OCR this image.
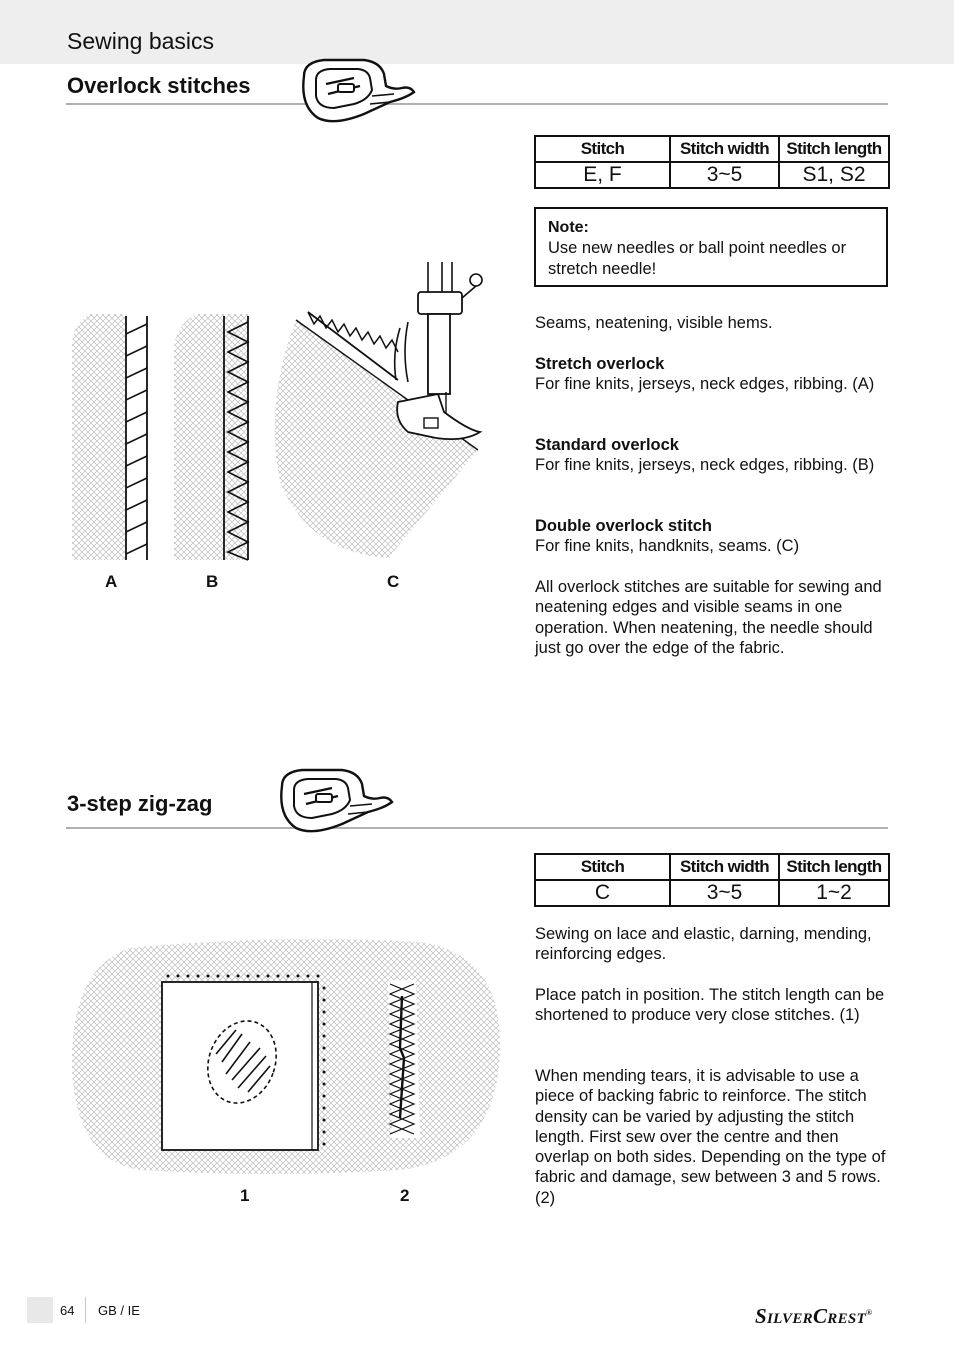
Sewing basics
Overlock stitches
Stitch	Stitch width	Stitch length
E, F	3~5	S1, S2
Note:
Use new needles or ball point needles or stretch needle!
Seams, neatening, visible hems.
Stretch overlock
For fine knits, jerseys, neck edges, ribbing. (A)
Standard overlock
For fine knits, jerseys, neck edges, ribbing. (B)
Double overlock stitch
For fine knits, handknits, seams. (C)
All overlock stitches are suitable for sewing and neatening edges and visible seams in one operation. When neatening, the needle should just go over the edge of the fabric.
A	B	C
3-step zig-zag
Stitch	Stitch width	Stitch length
C	3~5	1~2
Sewing on lace and elastic, darning, mending, reinforcing edges.
Place patch in position. The stitch length can be shortened to produce very close stitches. (1)
When mending tears, it is advisable to use a piece of backing fabric to reinforce. The stitch density can be varied by adjusting the stitch length. First sew over the centre and then overlap on both sides. Depending on the type of fabric and damage, sew between 3 and 5 rows. (2)
1	2
64 GB / IE	SILVERCREST®
